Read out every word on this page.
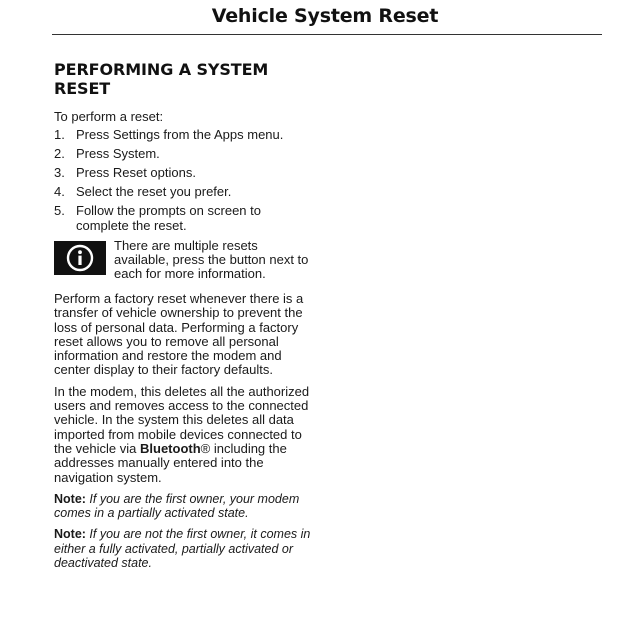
Vehicle System Reset
PERFORMING A SYSTEM
RESET
To perform a reset:
1. Press Settings from the Apps menu.
2. Press System.
3. Press Reset options.
4. Select the reset you prefer.
5. Follow the prompts on screen to complete the reset.
There are multiple resets available, press the button next to each for more information.

Perform a factory reset whenever there is a transfer of vehicle ownership to prevent the loss of personal data. Performing a factory reset allows you to remove all personal information and restore the modem and center display to their factory defaults.

In the modem, this deletes all the authorized users and removes access to the connected vehicle. In the system this deletes all data imported from mobile devices connected to the vehicle via Bluetooth® including the addresses manually entered into the navigation system.

Note: If you are the first owner, your modem comes in a partially activated state.

Note: If you are not the first owner, it comes in either a fully activated, partially activated or deactivated state.
